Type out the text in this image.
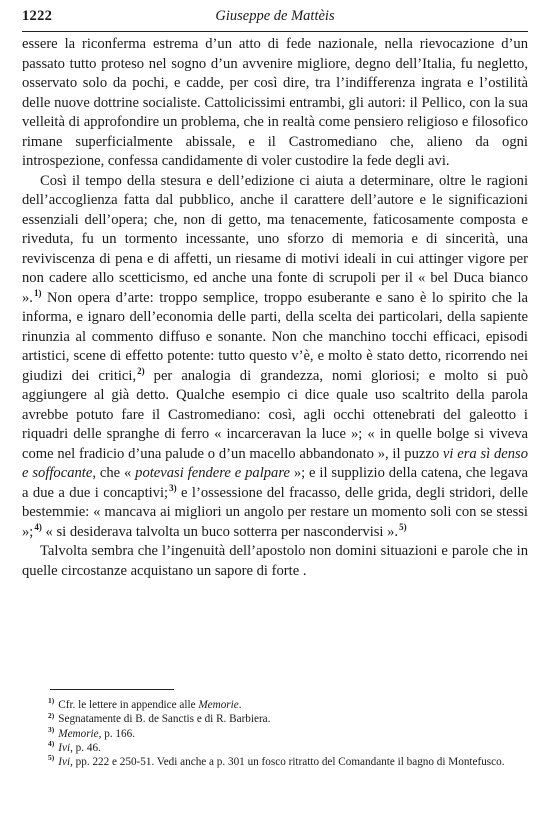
1222	Giuseppe de Mattèis

essere la riconferma estrema d’un atto di fede nazionale, nella rievocazione d’un passato tutto proteso nel sogno d’un avvenire migliore, degno dell’Italia, fu negletto, osservato solo da pochi, e cadde, per così dire, tra l’indifferenza ingrata e l’ostilità delle nuove dottrine socialiste. Cattolicissimi entrambi, gli autori: il Pellico, con la sua velleità di approfondire un problema, che in realtà come pensiero religioso e filosofico rimane superficialmente abissale, e il Castromediano che, alieno da ogni introspezione, confessa candidamente di voler custodire la fede degli avi.

Così il tempo della stesura e dell’edizione ci aiuta a determinare, oltre le ragioni dell’accoglienza fatta dal pubblico, anche il carattere dell’autore e le significazioni essenziali dell’opera; che, non di getto, ma tenacemente, faticosamente composta e riveduta, fu un tormento incessante, uno sforzo di memoria e di sincerità, una reviviscenza di pena e di affetti, un riesame di motivi ideali in cui attinger vigore per non cadere allo scetticismo, ed anche una fonte di scrupoli per il « bel Duca bianco ».$^{1)}$ Non opera d’arte: troppo semplice, troppo esuberante e sano è lo spirito che la informa, e ignaro dell’economia delle parti, della scelta dei particolari, della sapiente rinunzia al commento diffuso e sonante. Non che manchino tocchi efficaci, episodi artistici, scene di effetto potente: tutto questo v’è, e molto è stato detto, ricorrendo nei giudizi dei critici,$^{2)}$ per analogia di grandezza, nomi gloriosi; e molto si può aggiungere al già detto. Qualche esempio ci dice quale uso scaltrito della parola avrebbe potuto fare il Castromediano: così, agli occhi ottenebrati del galeotto i riquadri delle spranghe di ferro « incarceravan la luce »; « in quelle bolge si viveva come nel fradicio d’una palude o d’un macello abbandonato », il puzzo vi era sì denso e soffocante, che « potevasi fendere e palpare »; e il supplizio della catena, che legava a due a due i concaptivi;$^{3)}$ e l’ossessione del fracasso, delle grida, degli stridori, delle bestemmie: « mancava ai migliori un angolo per restare un momento soli con se stessi »;$^{4)}$ « si desiderava talvolta un buco sotterra per nascondervisi ».$^{5)}$

Talvolta sembra che l’ingenuità dell’apostolo non domini situazioni e parole che in quelle circostanze acquistano un sapore di forte .

$^{1)}$ Cfr. le lettere in appendice alle Memorie.
$^{2)}$ Segnatamente di B. de Sanctis e di R. Barbiera.
$^{3)}$ Memorie, p. 166.
$^{4)}$ Ivi, p. 46.
$^{5)}$ Ivi, pp. 222 e 250-51. Vedi anche a p. 301 un fosco ritratto del Comandante il bagno di Montefusco.
